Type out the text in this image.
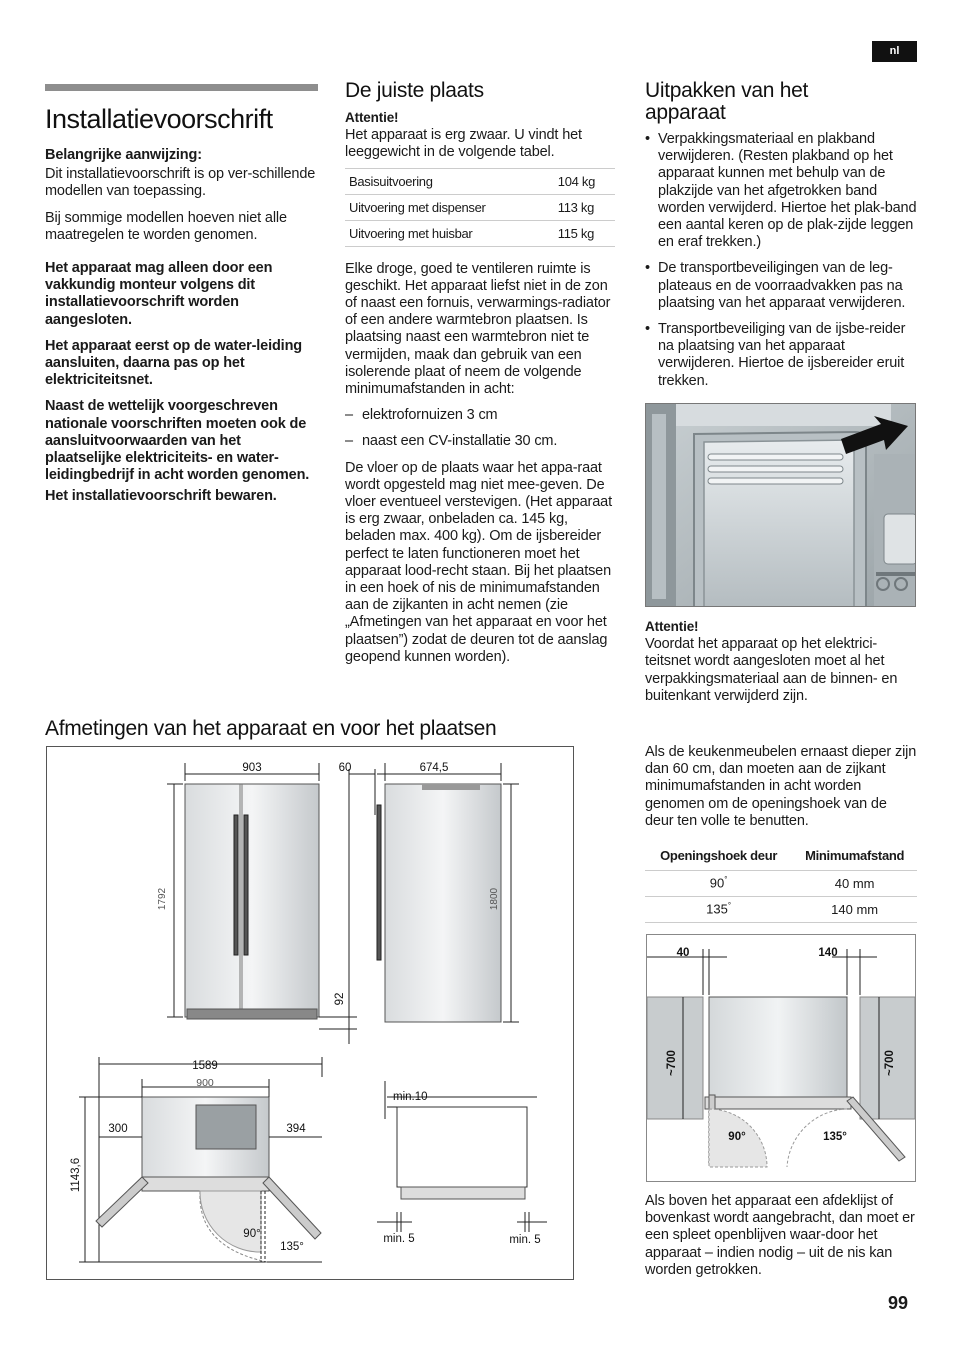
nl
Installatievoorschrift

Belangrijke aanwijzing:

Dit installatievoorschrift is op ver-schillende modellen van toepassing.

Bij sommige modellen hoeven niet alle maatregelen te worden genomen.

Het apparaat mag alleen door een vakkundig monteur volgens dit installatievoorschrift worden aangesloten.

Het apparaat eerst op de water-leiding aansluiten, daarna pas op het elektriciteitsnet.

Naast de wettelijk voorgeschreven nationale voorschriften moeten ook de aansluitvoorwaarden van het plaatselijke elektriciteits- en water-leidingbedrijf in acht worden genomen.

Het installatievoorschrift bewaren.

De juiste plaats

Attentie!

Het apparaat is erg zwaar. U vindt het leeggewicht in de volgende tabel.

Basisuitvoering	104 kg
Uitvoering met dispenser	113 kg
Uitvoering met huisbar	115 kg

Elke droge, goed te ventileren ruimte is geschikt. Het apparaat liefst niet in de zon of naast een fornuis, verwarmings-radiator of een andere warmtebron plaatsen. Is plaatsing naast een warmtebron niet te vermijden, maak dan gebruik van een isolerende plaat of neem de volgende minimumafstanden in acht:

– elektrofornuizen 3 cm
– naast een CV-installatie 30 cm.

De vloer op de plaats waar het appa-raat wordt opgesteld mag niet mee-geven. De vloer eventueel verstevigen. (Het apparaat is erg zwaar, onbeladen ca. 145 kg, beladen max. 400 kg). Om de ijsbereider perfect te laten functioneren moet het apparaat lood-recht staan. Bij het plaatsen in een hoek of nis de minimumafstanden aan de zijkanten in acht nemen (zie „Afmetingen van het apparaat en voor het plaatsen”) zodat de deuren tot de aanslag geopend kunnen worden).

Uitpakken van het apparaat
• Verpakkingsmateriaal en plakband verwijderen. (Resten plakband op het apparaat kunnen met behulp van de plakzijde van het afgetrokken band worden verwijderd. Hiertoe het plak-band een aantal keren op de plak-zijde leggen en eraf trekken.)
• De transportbeveiligingen van de leg-plateaus en de voorraadvakken pas na plaatsing van het apparaat verwijderen.
• Transportbeveiliging van de ijsbe-reider na plaatsing van het apparaat verwijderen. Hiertoe de ijsbereider eruit trekken.

Attentie!

Voordat het apparaat op het elektrici-teitsnet wordt aangesloten moet al het verpakkingsmateriaal aan de binnen- en buitenkant verwijderd zijn.

Afmetingen van het apparaat en voor het plaatsen
903	60	674,5
1792	1800
92
1589
900
300	394
1143,6
90°
135°
min.10
min. 5	min. 5

Als de keukenmeubelen ernaast dieper zijn dan 60 cm, dan moeten aan de zijkant minimumafstanden in acht worden genomen om de openingshoek van de deur ten volle te benutten.

Openingshoek deur	Minimumafstand
90°	40 mm
135°	140 mm
40	140
~700	~700
90°	135°

Als boven het apparaat een afdeklijst of bovenkast wordt aangebracht, dan moet er een spleet openblijven waar-door het apparaat – indien nodig – uit de nis kan worden getrokken.

99
